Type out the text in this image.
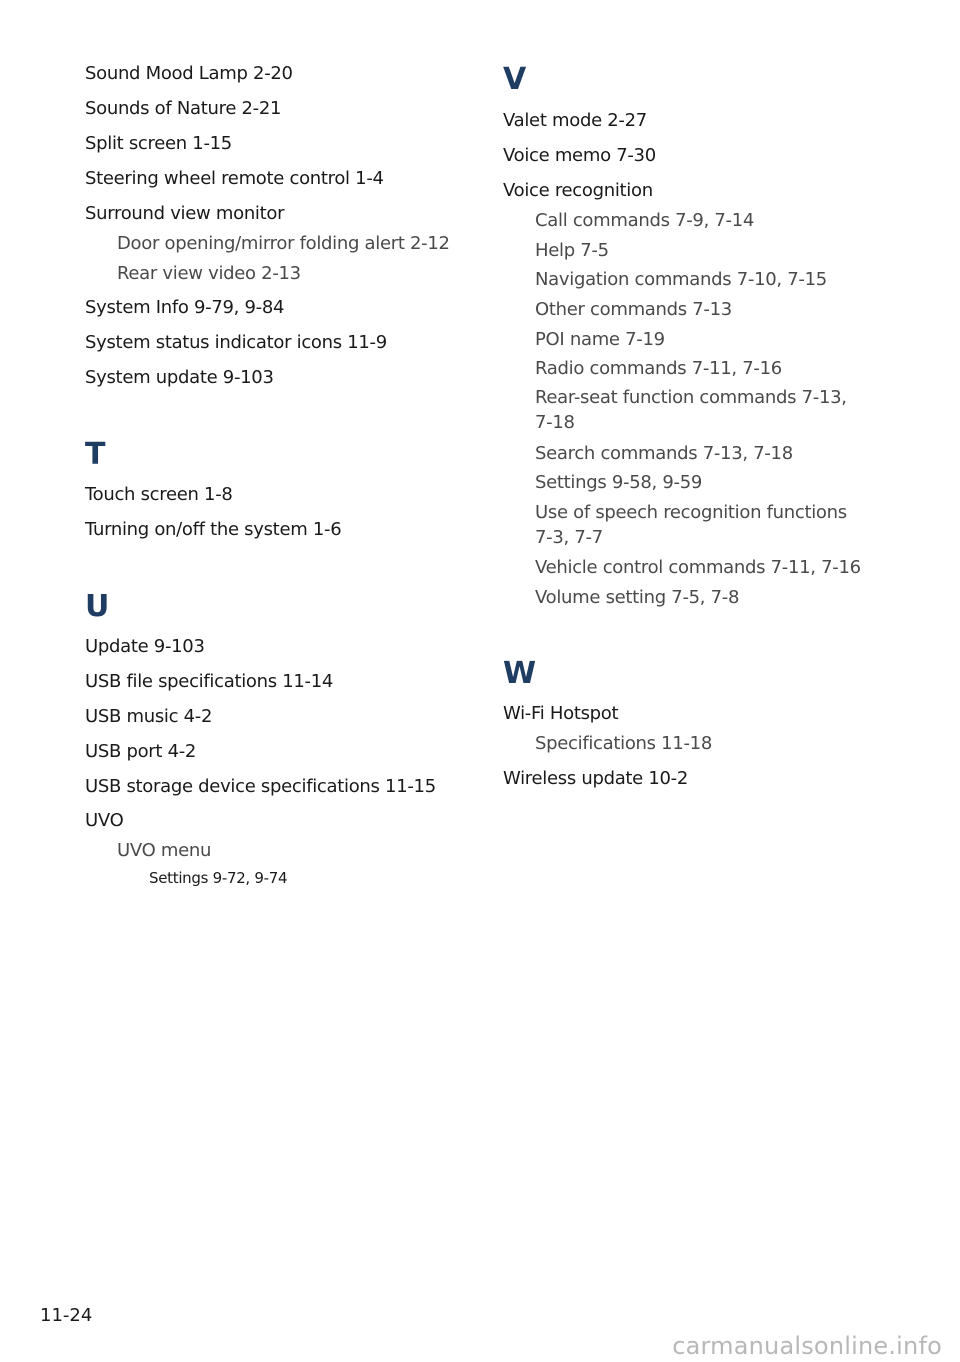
Sound Mood Lamp 2-20
Sounds of Nature 2-21
Split screen 1-15
Steering wheel remote control 1-4
Surround view monitor
Door opening/mirror folding alert 2-12
Rear view video 2-13
System Info 9-79, 9-84
System status indicator icons 11-9
System update 9-103
T
Touch screen 1-8
Turning on/off the system 1-6
U
Update 9-103
USB file specifications 11-14
USB music 4-2
USB port 4-2
USB storage device specifications 11-15
UVO
UVO menu
Settings 9-72, 9-74
V
Valet mode 2-27
Voice memo 7-30
Voice recognition
Call commands 7-9, 7-14
Help 7-5
Navigation commands 7-10, 7-15
Other commands 7-13
POI name 7-19
Radio commands 7-11, 7-16
Rear-seat function commands 7-13, 7-18
Search commands 7-13, 7-18
Settings 9-58, 9-59
Use of speech recognition functions 7-3, 7-7
Vehicle control commands 7-11, 7-16
Volume setting 7-5, 7-8
W
Wi-Fi Hotspot
Specifications 11-18
Wireless update 10-2
11-24
carmanualsonline.info
